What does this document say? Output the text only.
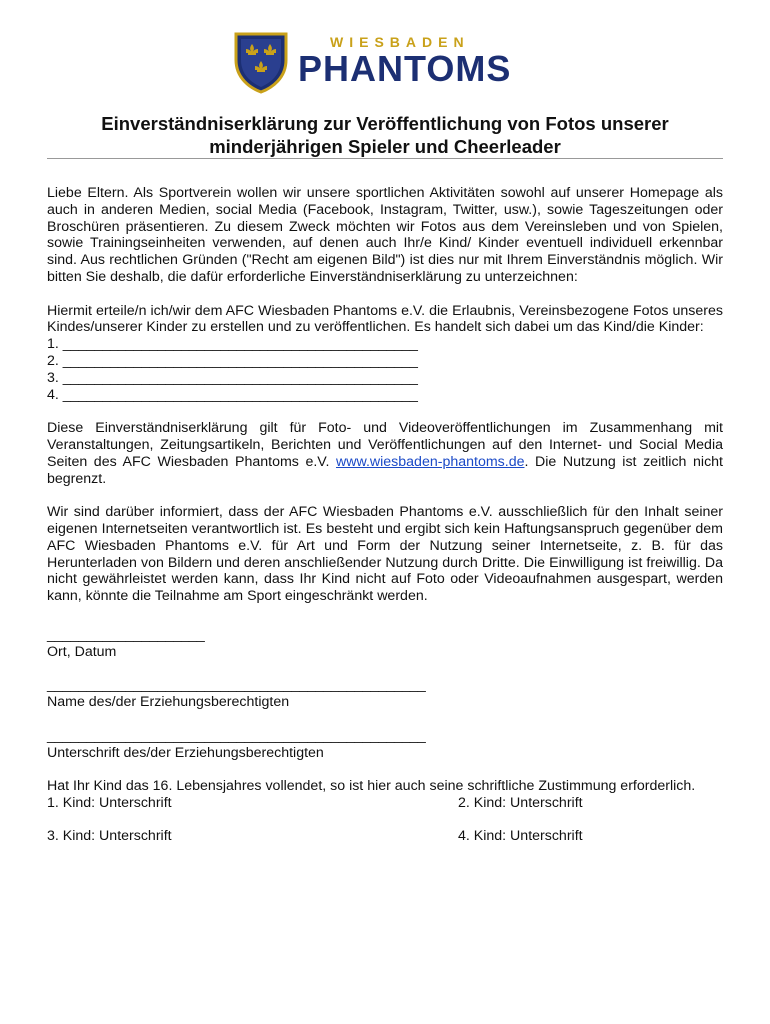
WIESBADEN
PHANTOMS
Einverständniserklärung zur Veröffentlichung von Fotos unserer
minderjährigen Spieler und Cheerleader

Liebe Eltern. Als Sportverein wollen wir unsere sportlichen Aktivitäten sowohl auf unserer Homepage als auch in anderen Medien, social Media (Facebook, Instagram, Twitter, usw.), sowie Tageszeitungen oder Broschüren präsentieren. Zu diesem Zweck möchten wir Fotos aus dem Vereinsleben und von Spielen, sowie Trainingseinheiten verwenden, auf denen auch Ihr/e Kind/ Kinder eventuell individuell erkennbar sind. Aus rechtlichen Gründen ("Recht am eigenen Bild") ist dies nur mit Ihrem Einverständnis möglich. Wir bitten Sie deshalb, die dafür erforderliche Einverständniserklärung zu unterzeichnen:

Hiermit erteile/n ich/wir dem AFC Wiesbaden Phantoms e.V. die Erlaubnis, Vereinsbezogene Fotos unseres Kindes/unserer Kinder zu erstellen und zu veröffentlichen. Es handelt sich dabei um das Kind/die Kinder:

1. _____________________________________________

2. _____________________________________________

3. _____________________________________________

4. _____________________________________________

Diese Einverständniserklärung gilt für Foto- und Videoveröffentlichungen im Zusammenhang mit Veranstaltungen, Zeitungsartikeln, Berichten und Veröffentlichungen auf den Internet- und Social Media Seiten des AFC Wiesbaden Phantoms e.V. www.wiesbaden-phantoms.de. Die Nutzung ist zeitlich nicht begrenzt.

Wir sind darüber informiert, dass der AFC Wiesbaden Phantoms e.V. ausschließlich für den Inhalt seiner eigenen Internetseiten verantwortlich ist. Es besteht und ergibt sich kein Haftungsanspruch gegenüber dem AFC Wiesbaden Phantoms e.V. für Art und Form der Nutzung seiner Internetseite, z. B. für das Herunterladen von Bildern und deren anschließender Nutzung durch Dritte. Die Einwilligung ist freiwillig. Da nicht gewährleistet werden kann, dass Ihr Kind nicht auf Foto oder Videoaufnahmen ausgespart, werden kann, könnte die Teilnahme am Sport eingeschränkt werden.

____________________
Ort, Datum
________________________________________________
Name des/der Erziehungsberechtigten
________________________________________________
Unterschrift des/der Erziehungsberechtigten

Hat Ihr Kind das 16. Lebensjahres vollendet, so ist hier auch seine schriftliche Zustimmung erforderlich.

1. Kind: Unterschrift	2. Kind: Unterschrift
3. Kind: Unterschrift	4. Kind: Unterschrift
